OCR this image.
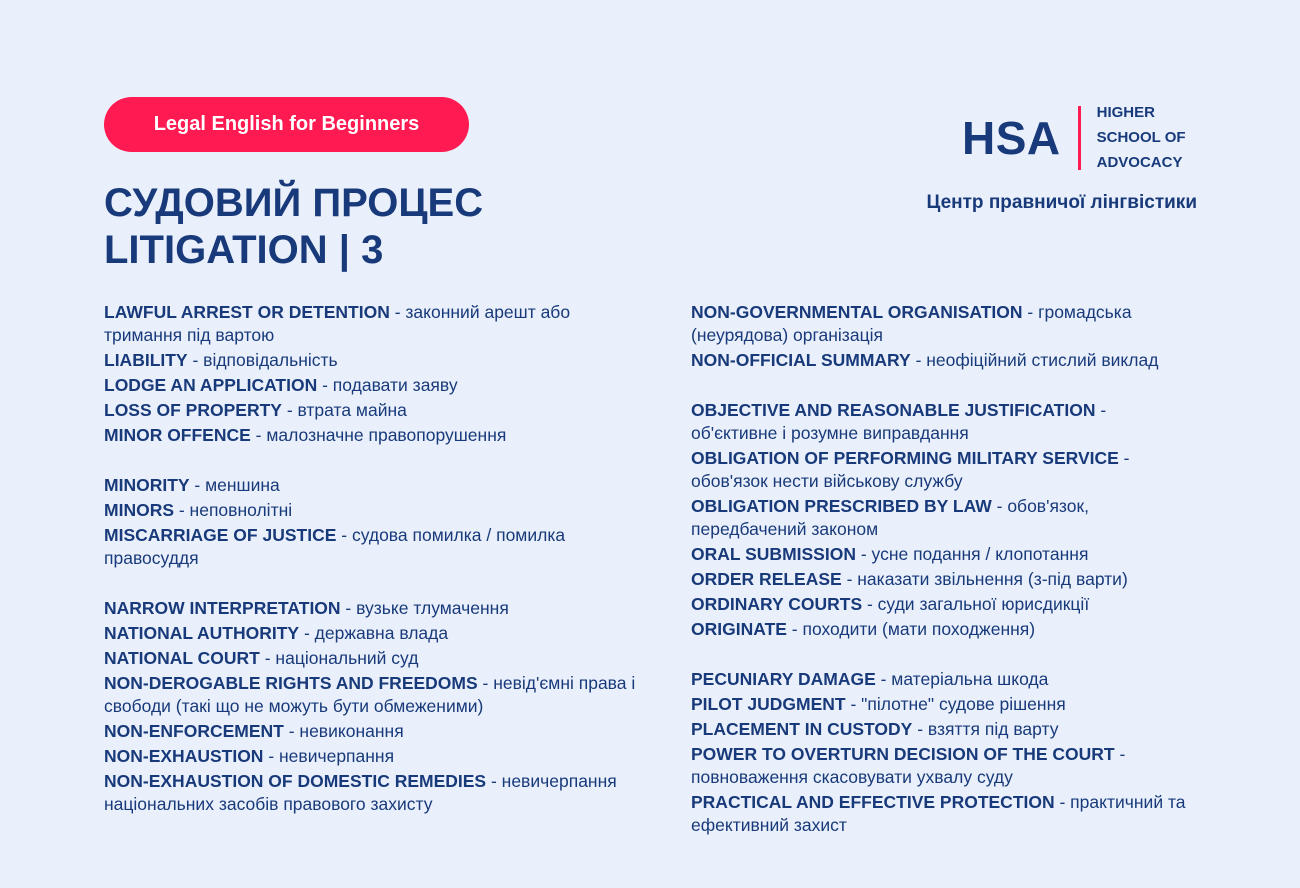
Legal English for Beginners
СУДОВИЙ ПРОЦЕС
LITIGATION | 3
HSA HIGHER
SCHOOL OF
ADVOCACY
Центр правничої лінгвістики
LAWFUL ARREST OR DETENTION - законний арешт або тримання під вартою
LIABILITY - відповідальність
LODGE AN APPLICATION - подавати заяву
LOSS OF PROPERTY - втрата майна
MINOR OFFENCE - малозначне правопорушення
MINORITY - меншина
MINORS - неповнолітні
MISCARRIAGE OF JUSTICE - судова помилка / помилка правосуддя
NARROW INTERPRETATION - вузьке тлумачення
NATIONAL AUTHORITY - державна влада
NATIONAL COURT - національний суд
NON-DEROGABLE RIGHTS AND FREEDOMS - невід'ємні права і свободи (такі що не можуть бути обмеженими)
NON-ENFORCEMENT - невиконання
NON-EXHAUSTION - невичерпання
NON-EXHAUSTION OF DOMESTIC REMEDIES - невичерпання національних засобів правового захисту
NON-GOVERNMENTAL ORGANISATION - громадська (неурядова) організація
NON-OFFICIAL SUMMARY - неофіційний стислий виклад
OBJECTIVE AND REASONABLE JUSTIFICATION - об'єктивне і розумне виправдання
OBLIGATION OF PERFORMING MILITARY SERVICE - обов'язок нести військову службу
OBLIGATION PRESCRIBED BY LAW - обов'язок, передбачений законом
ORAL SUBMISSION - усне подання / клопотання
ORDER RELEASE - наказати звільнення (з-під варти)
ORDINARY COURTS - суди загальної юрисдикції
ORIGINATE - походити (мати походження)
PECUNIARY DAMAGE - матеріальна шкода
PILOT JUDGMENT - "пілотне" судове рішення
PLACEMENT IN CUSTODY - взяття під варту
POWER TO OVERTURN DECISION OF THE COURT - повноваження скасовувати ухвалу суду
PRACTICAL AND EFFECTIVE PROTECTION - практичний та ефективний захист
